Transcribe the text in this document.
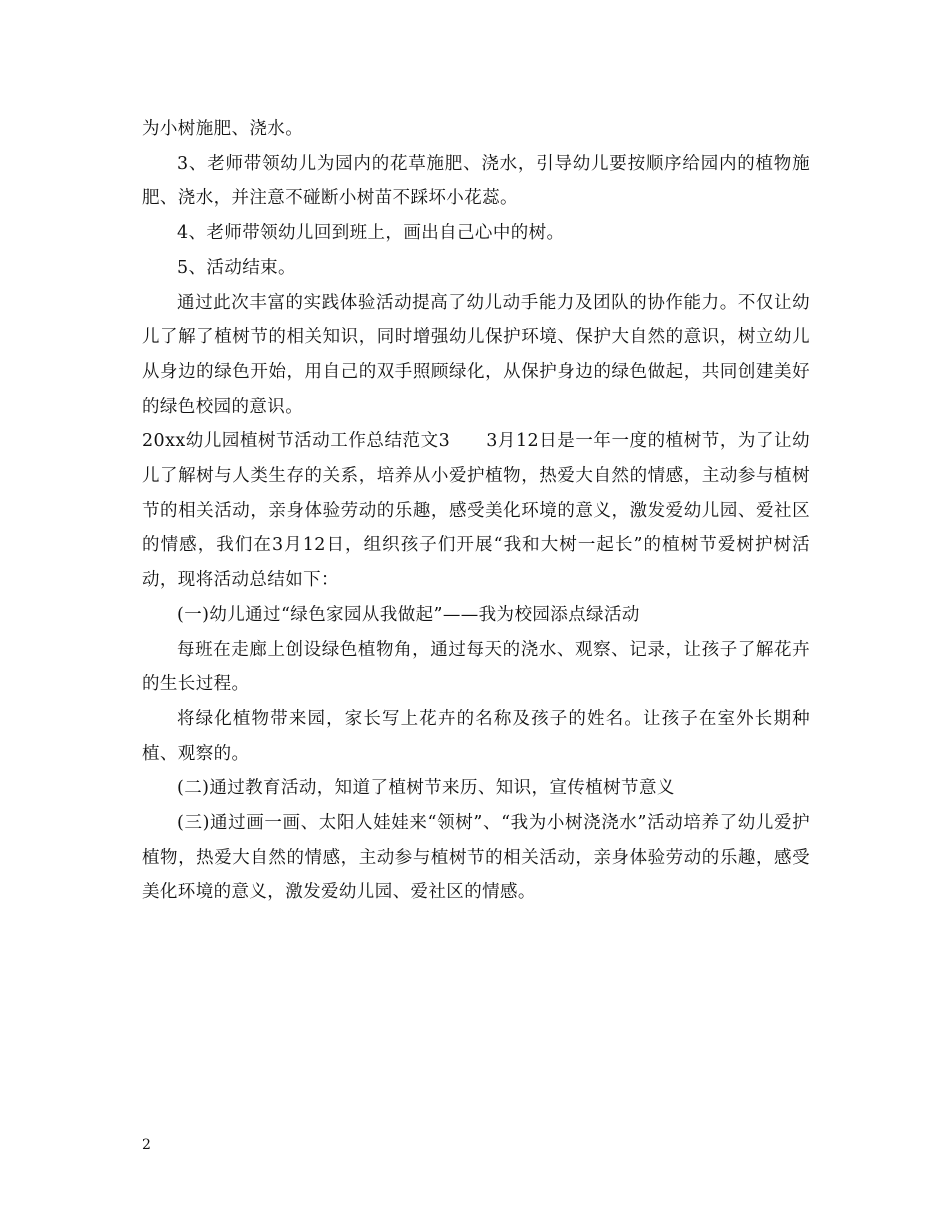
为小树施肥、浇水。

3、老师带领幼儿为园内的花草施肥、浇水，引导幼儿要按顺序给园内的植物施肥、浇水，并注意不碰断小树苗不踩坏小花蕊。

4、老师带领幼儿回到班上，画出自己心中的树。

5、活动结束。

通过此次丰富的实践体验活动提高了幼儿动手能力及团队的协作能力。不仅让幼儿了解了植树节的相关知识，同时增强幼儿保护环境、保护大自然的意识，树立幼儿从身边的绿色开始，用自己的双手照顾绿化，从保护身边的绿色做起，共同创建美好的绿色校园的意识。

20xx幼儿园植树节活动工作总结范文3 3月12日是一年一度的植树节，为了让幼儿了解树与人类生存的关系，培养从小爱护植物，热爱大自然的情感，主动参与植树节的相关活动，亲身体验劳动的乐趣，感受美化环境的意义，激发爱幼儿园、爱社区的情感，我们在3月12日，组织孩子们开展“我和大树一起长”的植树节爱树护树活动，现将活动总结如下：

(一)幼儿通过“绿色家园从我做起”——我为校园添点绿活动

每班在走廊上创设绿色植物角，通过每天的浇水、观察、记录，让孩子了解花卉的生长过程。

将绿化植物带来园，家长写上花卉的名称及孩子的姓名。让孩子在室外长期种植、观察的。

(二)通过教育活动，知道了植树节来历、知识，宣传植树节意义

(三)通过画一画、太阳人娃娃来“领树”、“我为小树浇浇水”活动培养了幼儿爱护植物，热爱大自然的情感，主动参与植树节的相关活动，亲身体验劳动的乐趣，感受美化环境的意义，激发爱幼儿园、爱社区的情感。

2
